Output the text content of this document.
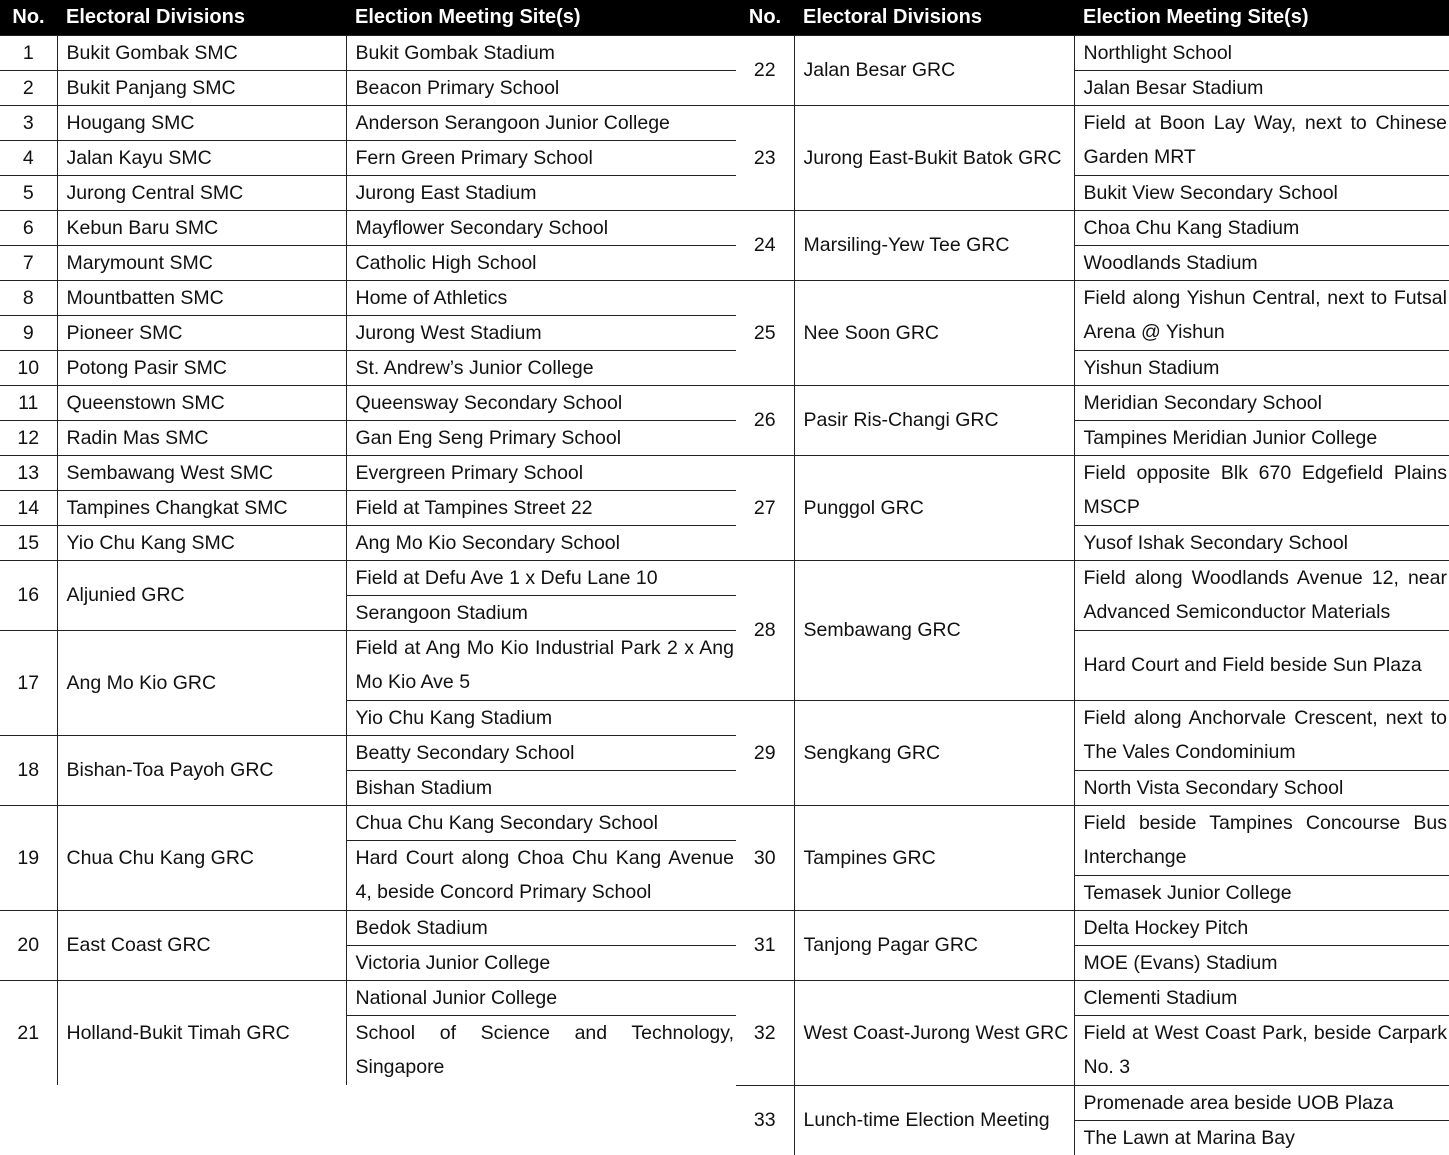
No.	Electoral Divisions	Election Meeting Site(s)
1	Bukit Gombak SMC	Bukit Gombak Stadium
2	Bukit Panjang SMC	Beacon Primary School
3	Hougang SMC	Anderson Serangoon Junior College
4	Jalan Kayu SMC	Fern Green Primary School
5	Jurong Central SMC	Jurong East Stadium
6	Kebun Baru SMC	Mayflower Secondary School
7	Marymount SMC	Catholic High School
8	Mountbatten SMC	Home of Athletics
9	Pioneer SMC	Jurong West Stadium
10	Potong Pasir SMC	St. Andrew’s Junior College
11	Queenstown SMC	Queensway Secondary School
12	Radin Mas SMC	Gan Eng Seng Primary School
13	Sembawang West SMC	Evergreen Primary School
14	Tampines Changkat SMC	Field at Tampines Street 22
15	Yio Chu Kang SMC	Ang Mo Kio Secondary School
16	Aljunied GRC	Field at Defu Ave 1 x Defu Lane 10
		Serangoon Stadium
17	Ang Mo Kio GRC	Field at Ang Mo Kio Industrial Park 2 x Ang Mo Kio Ave 5
		Yio Chu Kang Stadium
18	Bishan-Toa Payoh GRC	Beatty Secondary School
		Bishan Stadium
19	Chua Chu Kang GRC	Chua Chu Kang Secondary School
		Hard Court along Choa Chu Kang Avenue 4, beside Concord Primary School
20	East Coast GRC	Bedok Stadium
		Victoria Junior College
21	Holland-Bukit Timah GRC	National Junior College
		School of Science and Technology, Singapore
No.	Electoral Divisions	Election Meeting Site(s)
22	Jalan Besar GRC	Northlight School
		Jalan Besar Stadium
23	Jurong East-Bukit Batok GRC	Field at Boon Lay Way, next to Chinese Garden MRT
		Bukit View Secondary School
24	Marsiling-Yew Tee GRC	Choa Chu Kang Stadium
		Woodlands Stadium
25	Nee Soon GRC	Field along Yishun Central, next to Futsal Arena @ Yishun
		Yishun Stadium
26	Pasir Ris-Changi GRC	Meridian Secondary School
		Tampines Meridian Junior College
27	Punggol GRC	Field opposite Blk 670 Edgefield Plains MSCP
		Yusof Ishak Secondary School
28	Sembawang GRC	Field along Woodlands Avenue 12, near Advanced Semiconductor Materials
		Hard Court and Field beside Sun Plaza
29	Sengkang GRC	Field along Anchorvale Crescent, next to The Vales Condominium
		North Vista Secondary School
30	Tampines GRC	Field beside Tampines Concourse Bus Interchange
		Temasek Junior College
31	Tanjong Pagar GRC	Delta Hockey Pitch
		MOE (Evans) Stadium
32	West Coast-Jurong West GRC	Clementi Stadium
		Field at West Coast Park, beside Carpark No. 3
33	Lunch-time Election Meeting	Promenade area beside UOB Plaza
		The Lawn at Marina Bay
